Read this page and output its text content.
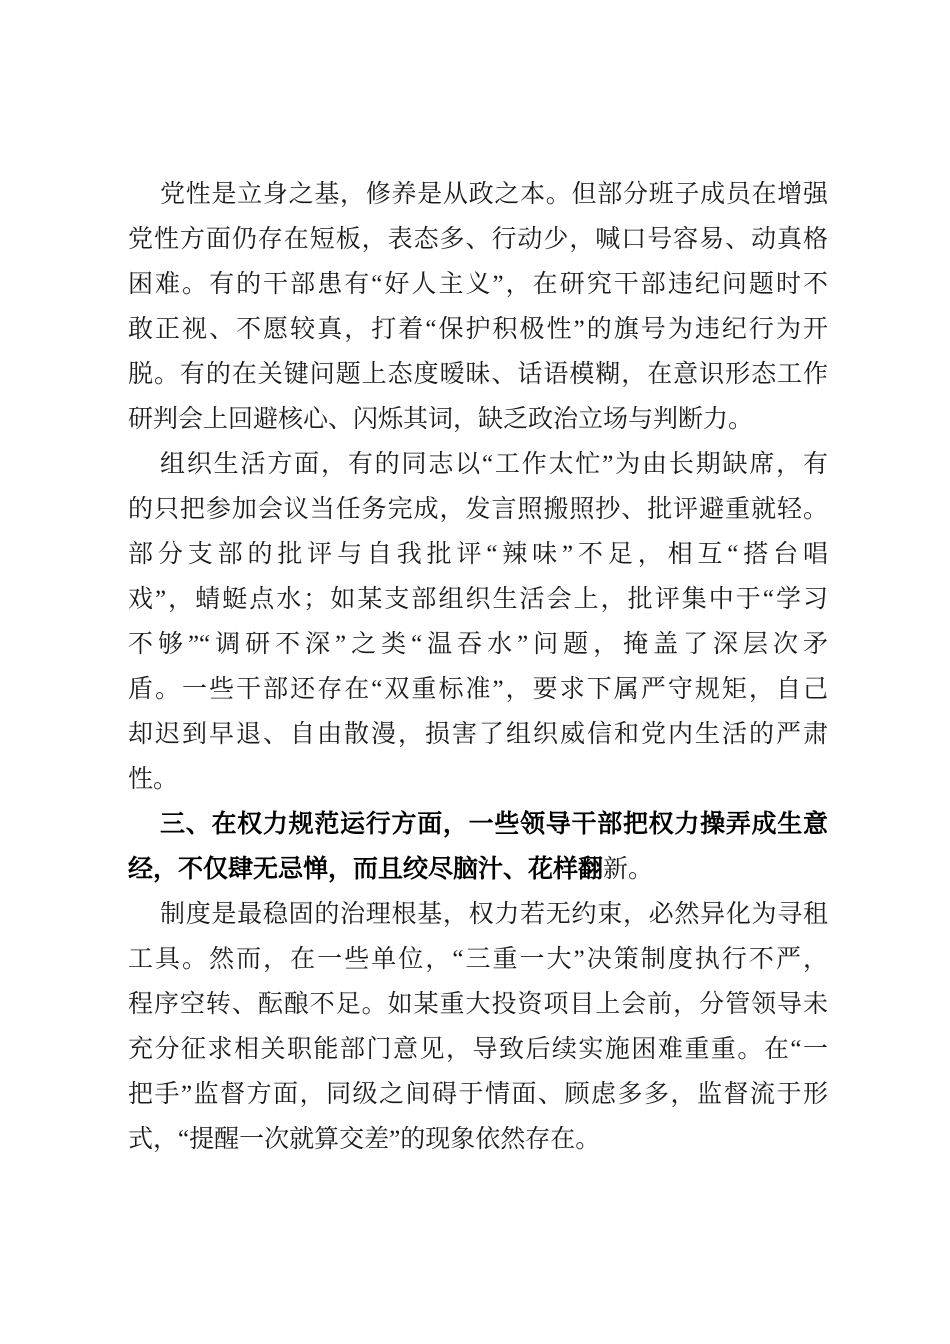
党性是立身之基，修养是从政之本。但部分班子成员在增强
党性方面仍存在短板，表态多、行动少，喊口号容易、动真格
困难。有的干部患有“好人主义”，在研究干部违纪问题时不
敢正视、不愿较真，打着“保护积极性”的旗号为违纪行为开
脱。有的在关键问题上态度暧昧、话语模糊，在意识形态工作
研判会上回避核心、闪烁其词，缺乏政治立场与判断力。
组织生活方面，有的同志以“工作太忙”为由长期缺席，有
的只把参加会议当任务完成，发言照搬照抄、批评避重就轻。
部分支部的批评与自我批评“辣味”不足，相互“搭台唱
戏”，蜻蜓点水；如某支部组织生活会上，批评集中于“学习
不够”“调研不深”之类“温吞水”问题，掩盖了深层次矛
盾。一些干部还存在“双重标准”，要求下属严守规矩，自己
却迟到早退、自由散漫，损害了组织威信和党内生活的严肃
性。
三、在权力规范运行方面，一些领导干部把权力操弄成生意
经，不仅肆无忌惮，而且绞尽脑汁、花样翻新。
制度是最稳固的治理根基，权力若无约束，必然异化为寻租
工具。然而，在一些单位，“三重一大”决策制度执行不严，
程序空转、酝酿不足。如某重大投资项目上会前，分管领导未
充分征求相关职能部门意见，导致后续实施困难重重。在“一
把手”监督方面，同级之间碍于情面、顾虑多多，监督流于形
式，“提醒一次就算交差”的现象依然存在。
